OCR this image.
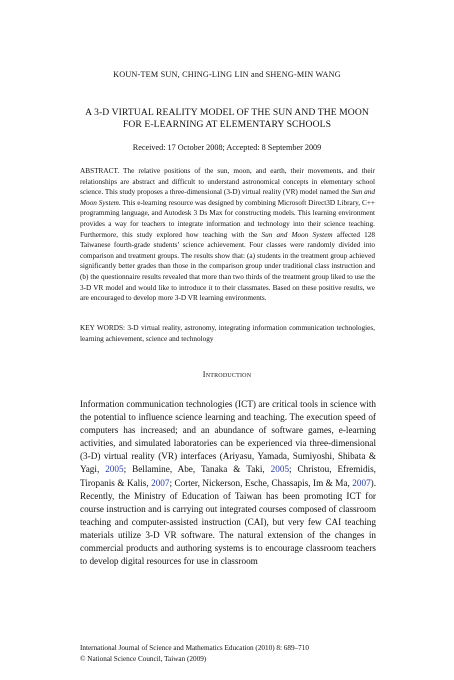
KOUN-TEM SUN, CHING-LING LIN and SHENG-MIN WANG
A 3-D VIRTUAL REALITY MODEL OF THE SUN AND THE MOON
FOR E-LEARNING AT ELEMENTARY SCHOOLS
Received: 17 October 2008; Accepted: 8 September 2009
ABSTRACT. The relative positions of the sun, moon, and earth, their movements, and their relationships are abstract and difficult to understand astronomical concepts in elementary school science. This study proposes a three-dimensional (3-D) virtual reality (VR) model named the Sun and Moon System. This e-learning resource was designed by combining Microsoft Direct3D Library, C++ programming language, and Autodesk 3 Ds Max for constructing models. This learning environment provides a way for teachers to integrate information and technology into their science teaching. Furthermore, this study explored how teaching with the Sun and Moon System affected 128 Taiwanese fourth-grade students’ science achievement. Four classes were randomly divided into comparison and treatment groups. The results show that: (a) students in the treatment group achieved significantly better grades than those in the comparison group under traditional class instruction and (b) the questionnaire results revealed that more than two thirds of the treatment group liked to use the 3-D VR model and would like to introduce it to their classmates. Based on these positive results, we are encouraged to develop more 3-D VR learning environments.
KEY WORDS: 3-D virtual reality, astronomy, integrating information communication technologies, learning achievement, science and technology
Introduction
Information communication technologies (ICT) are critical tools in science with the potential to influence science learning and teaching. The execution speed of computers has increased; and an abundance of software games, e-learning activities, and simulated laboratories can be experienced via three-dimensional (3-D) virtual reality (VR) interfaces (Ariyasu, Yamada, Sumiyoshi, Shibata & Yagi, 2005; Bellamine, Abe, Tanaka & Taki, 2005; Christou, Efremidis, Tiropanis & Kalis, 2007; Corter, Nickerson, Esche, Chassapis, Im & Ma, 2007). Recently, the Ministry of Education of Taiwan has been promoting ICT for course instruction and is carrying out integrated courses composed of classroom teaching and computer-assisted instruction (CAI), but very few CAI teaching materials utilize 3-D VR software. The natural extension of the changes in commercial products and authoring systems is to encourage classroom teachers to develop digital resources for use in classroom
International Journal of Science and Mathematics Education (2010) 8: 689–710
© National Science Council, Taiwan (2009)
